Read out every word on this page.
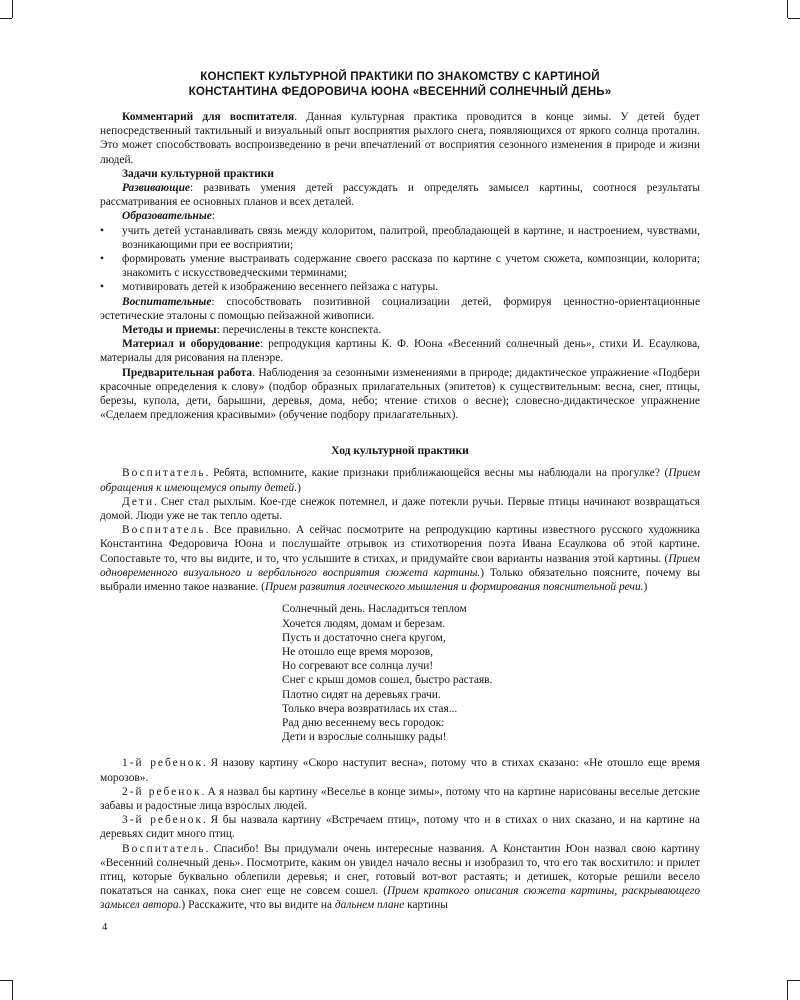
КОНСПЕКТ КУЛЬТУРНОЙ ПРАКТИКИ ПО ЗНАКОМСТВУ С КАРТИНОЙ
КОНСТАНТИНА ФЕДОРОВИЧА ЮОНА «ВЕСЕННИЙ СОЛНЕЧНЫЙ ДЕНЬ»

Комментарий для воспитателя. Данная культурная практика проводится в конце зимы. У детей будет непосредственный тактильный и визуальный опыт восприятия рыхлого снега, появляющихся от яркого солнца проталин. Это может способствовать воспроизведению в речи впечатлений от восприятия сезонного изменения в природе и жизни людей.

Задачи культурной практики

Развивающие: развивать умения детей рассуждать и определять замысел картины, соотнося результаты рассматривания ее основных планов и всех деталей.

Образовательные:

• учить детей устанавливать связь между колоритом, палитрой, преобладающей в картине, и настроением, чувствами, возникающими при ее восприятии;

• формировать умение выстраивать содержание своего рассказа по картине с учетом сюжета, композиции, колорита; знакомить с искусствоведческими терминами;

• мотивировать детей к изображению весеннего пейзажа с натуры.

Воспитательные: способствовать позитивной социализации детей, формируя ценностно-ориентационные эстетические эталоны с помощью пейзажной живописи.

Методы и приемы: перечислены в тексте конспекта.

Материал и оборудование: репродукция картины К. Ф. Юона «Весенний солнечный день», стихи И. Есаулкова, материалы для рисования на пленэре.

Предварительная работа. Наблюдения за сезонными изменениями в природе; дидактическое упражнение «Подбери красочные определения к слову» (подбор образных прилагательных (эпитетов) к существительным: весна, снег, птицы, березы, купола, дети, барышни, деревья, дома, небо; чтение стихов о весне); словесно-дидактическое упражнение «Сделаем предложения красивыми» (обучение подбору прилагательных).

Ход культурной практики

Воспитатель. Ребята, вспомните, какие признаки приближающейся весны мы наблюдали на прогулке? (Прием обращения к имеющемуся опыту детей.)

Дети. Снег стал рыхлым. Кое-где снежок потемнел, и даже потекли ручьи. Первые птицы начинают возвращаться домой. Люди уже не так тепло одеты.

Воспитатель. Все правильно. А сейчас посмотрите на репродукцию картины известного русского художника Константина Федоровича Юона и послушайте отрывок из стихотворения поэта Ивана Есаулкова об этой картине. Сопоставьте то, что вы видите, и то, что услышите в стихах, и придумайте свои варианты названия этой картины. (Прием одновременного визуального и вербального восприятия сюжета картины.) Только обязательно поясните, почему вы выбрали именно такое название. (Прием развития логического мышления и формирования пояснительной речи.)

Солнечный день. Насладиться теплом
Хочется людям, домам и березам.
Пусть и достаточно снега кругом,
Не отошло еще время морозов,
Но согревают все солнца лучи!
Снег с крыш домов сошел, быстро растаяв.
Плотно сидят на деревьях грачи.
Только вчера возвратилась их стая...
Рад дню весеннему весь городок:
Дети и взрослые солнышку рады!

1-й ребенок. Я назову картину «Скоро наступит весна», потому что в стихах сказано: «Не отошло еще время морозов».

2-й ребенок. А я назвал бы картину «Веселье в конце зимы», потому что на картине нарисованы веселые детские забавы и радостные лица взрослых людей.

3-й ребенок. Я бы назвала картину «Встречаем птиц», потому что и в стихах о них сказано, и на картине на деревьях сидит много птиц.

Воспитатель. Спасибо! Вы придумали очень интересные названия. А Константин Юон назвал свою картину «Весенний солнечный день». Посмотрите, каким он увидел начало весны и изобразил то, что его так восхитило: и прилет птиц, которые буквально облепили деревья; и снег, готовый вот-вот растаять; и детишек, которые решили весело покататься на санках, пока снег еще не совсем сошел. (Прием краткого описания сюжета картины, раскрывающего замысел автора.) Расскажите, что вы видите на дальнем плане картины

4
